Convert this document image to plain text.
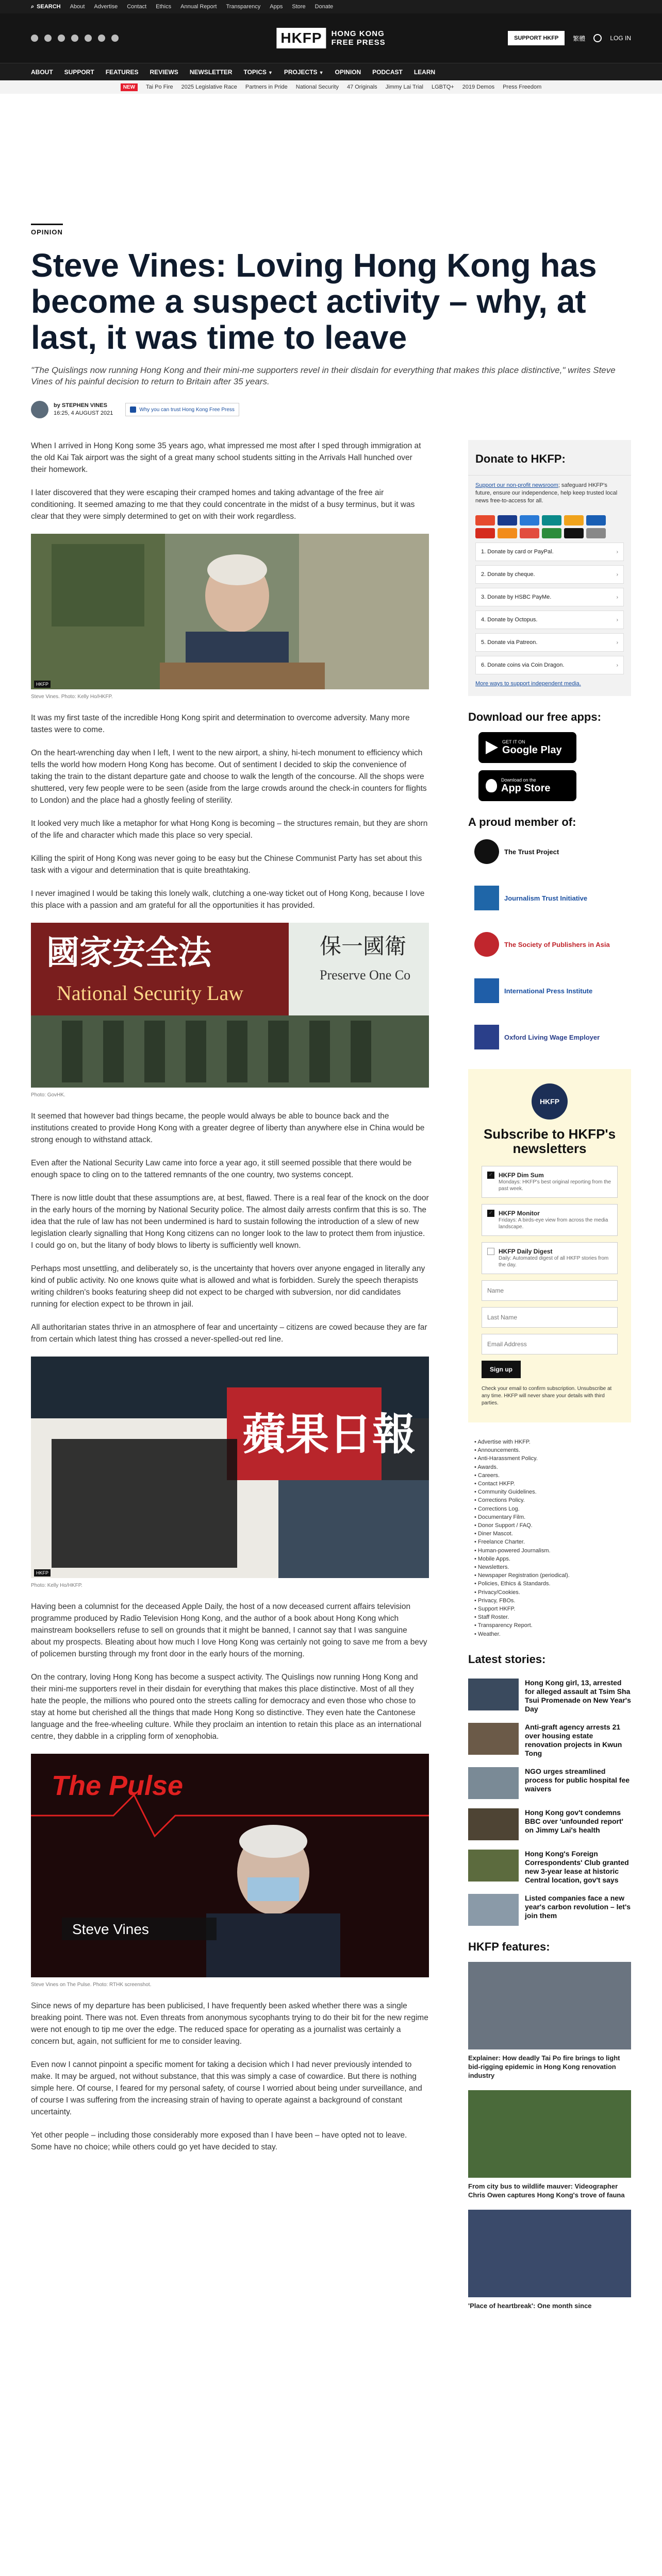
⌕ SEARCH About Advertise Contact Ethics Annual Report Transparency Apps Store Donate
HKFP	HONG KONG
FREE PRESS	SUPPORT HKFP	繁體	LOG IN
ABOUT SUPPORT FEATURES REVIEWS NEWSLETTER TOPICS ▼ PROJECTS ▼ OPINION PODCAST LEARN
NEW	Tai Po Fire 2025 Legislative Race Partners in Pride National Security 47 Originals Jimmy Lai Trial LGBTQ+ 2019 Demos Press Freedom
OPINION
Steve Vines: Loving Hong Kong has become a suspect activity – why, at last, it was time to leave
"The Quislings now running Hong Kong and their mini-me supporters revel in their disdain for everything that makes this place distinctive," writes Steve Vines of his painful decision to return to Britain after 35 years.
by STEPHEN VINES
16:25, 4 AUGUST 2021
Why you can trust Hong Kong Free Press

When I arrived in Hong Kong some 35 years ago, what impressed me most after I sped through immigration at the old Kai Tak airport was the sight of a great many school students sitting in the Arrivals Hall hunched over their homework.

I later discovered that they were escaping their cramped homes and taking advantage of the free air conditioning. It seemed amazing to me that they could concentrate in the midst of a busy terminus, but it was clear that they were simply determined to get on with their work regardless.

HKFP
Steve Vines. Photo: Kelly Ho/HKFP.

It was my first taste of the incredible Hong Kong spirit and determination to overcome adversity. Many more tastes were to come.

On the heart-wrenching day when I left, I went to the new airport, a shiny, hi-tech monument to efficiency which tells the world how modern Hong Kong has become. Out of sentiment I decided to skip the convenience of taking the train to the distant departure gate and choose to walk the length of the concourse. All the shops were shuttered, very few people were to be seen (aside from the large crowds around the check-in counters for flights to London) and the place had a ghostly feeling of sterility.

It looked very much like a metaphor for what Hong Kong is becoming – the structures remain, but they are shorn of the life and character which made this place so very special.

Killing the spirit of Hong Kong was never going to be easy but the Chinese Communist Party has set about this task with a vigour and determination that is quite breathtaking.

I never imagined I would be taking this lonely walk, clutching a one-way ticket out of Hong Kong, because I love this place with a passion and am grateful for all the opportunities it has provided.

國家安全法
National Security Law
保一國衛
Preserve One Co
Photo: GovHK.

It seemed that however bad things became, the people would always be able to bounce back and the institutions created to provide Hong Kong with a greater degree of liberty than anywhere else in China would be strong enough to withstand attack.

Even after the National Security Law came into force a year ago, it still seemed possible that there would be enough space to cling on to the tattered remnants of the one country, two systems concept.

There is now little doubt that these assumptions are, at best, flawed. There is a real fear of the knock on the door in the early hours of the morning by National Security police. The almost daily arrests confirm that this is so. The idea that the rule of law has not been undermined is hard to sustain following the introduction of a slew of new legislation clearly signalling that Hong Kong citizens can no longer look to the law to protect them from injustice. I could go on, but the litany of body blows to liberty is sufficiently well known.

Perhaps most unsettling, and deliberately so, is the uncertainty that hovers over anyone engaged in literally any kind of public activity. No one knows quite what is allowed and what is forbidden. Surely the speech therapists writing children's books featuring sheep did not expect to be charged with subversion, nor did candidates running for election expect to be thrown in jail.

All authoritarian states thrive in an atmosphere of fear and uncertainty – citizens are cowed because they are far from certain which latest thing has crossed a never-spelled-out red line.

蘋果日報
HKFP
Photo: Kelly Ho/HKFP.

Having been a columnist for the deceased Apple Daily, the host of a now deceased current affairs television programme produced by Radio Television Hong Kong, and the author of a book about Hong Kong which mainstream booksellers refuse to sell on grounds that it might be banned, I cannot say that I was sanguine about my prospects. Bleating about how much I love Hong Kong was certainly not going to save me from a bevy of policemen bursting through my front door in the early hours of the morning.

On the contrary, loving Hong Kong has become a suspect activity. The Quislings now running Hong Kong and their mini-me supporters revel in their disdain for everything that makes this place distinctive. Most of all they hate the people, the millions who poured onto the streets calling for democracy and even those who chose to stay at home but cherished all the things that made Hong Kong so distinctive. They even hate the Cantonese language and the free-wheeling culture. While they proclaim an intention to retain this place as an international centre, they dabble in a crippling form of xenophobia.

The Pulse
Steve Vines
Steve Vines on The Pulse. Photo: RTHK screenshot.

Since news of my departure has been publicised, I have frequently been asked whether there was a single breaking point. There was not. Even threats from anonymous sycophants trying to do their bit for the new regime were not enough to tip me over the edge. The reduced space for operating as a journalist was certainly a concern but, again, not sufficient for me to consider leaving.

Even now I cannot pinpoint a specific moment for taking a decision which I had never previously intended to make. It may be argued, not without substance, that this was simply a case of cowardice. But there is nothing simple here. Of course, I feared for my personal safety, of course I worried about being under surveillance, and of course I was suffering from the increasing strain of having to operate against a background of constant uncertainty.

Yet other people – including those considerably more exposed than I have been – have opted not to leave. Some have no choice; while others could go yet have decided to stay.

Donate to HKFP:
Support our non-profit newsroom; safeguard HKFP's future, ensure our independence, help keep trusted local news free-to-access for all.
1. Donate by card or PayPal.	›
2. Donate by cheque.	›
3. Donate by HSBC PayMe.	›
4. Donate by Octopus.	›
5. Donate via Patreon.	›
6. Donate coins via Coin Dragon.	›
More ways to support independent media.
Download our free apps:
GET IT ON
Google Play
Download on the
App Store
A proud member of:
The Trust Project
Journalism Trust Initiative
The Society of Publishers in Asia
International Press Institute
Oxford Living Wage Employer
HKFP
Subscribe to HKFP's newsletters
✓ HKFP Dim Sum
Mondays: HKFP's best original reporting from the past week.
✓ HKFP Monitor
Fridays: A birds-eye view from across the media landscape.
HKFP Daily Digest
Daily: Automated digest of all HKFP stories from the day.
Name Last Name Email Address Sign up
Check your email to confirm subscription. Unsubscribe at any time. HKFP will never share your details with third parties.
• Advertise with HKFP.
• Announcements.
• Anti-Harassment Policy.
• Awards.
• Careers.
• Contact HKFP.
• Community Guidelines.
• Corrections Policy.
• Corrections Log.
• Documentary Film.
• Donor Support / FAQ.
• Diner Mascot.
• Freelance Charter.
• Human-powered Journalism.
• Mobile Apps.
• Newsletters.
• Newspaper Registration (periodical).
• Policies, Ethics & Standards.
• Privacy/Cookies.
• Privacy, FBOs.
• Support HKFP.
• Staff Roster.
• Transparency Report.
• Weather.
Latest stories:
Hong Kong girl, 13, arrested for alleged assault at Tsim Sha Tsui Promenade on New Year's Day
Anti-graft agency arrests 21 over housing estate renovation projects in Kwun Tong
NGO urges streamlined process for public hospital fee waivers
Hong Kong gov't condemns BBC over 'unfounded report' on Jimmy Lai's health
Hong Kong's Foreign Correspondents' Club granted new 3-year lease at historic Central location, gov't says
Listed companies face a new year's carbon revolution – let's join them
HKFP features:
Explainer: How deadly Tai Po fire brings to light bid-rigging epidemic in Hong Kong renovation industry
From city bus to wildlife mauver: Videographer Chris Owen captures Hong Kong's trove of fauna
'Place of heartbreak': One month since
